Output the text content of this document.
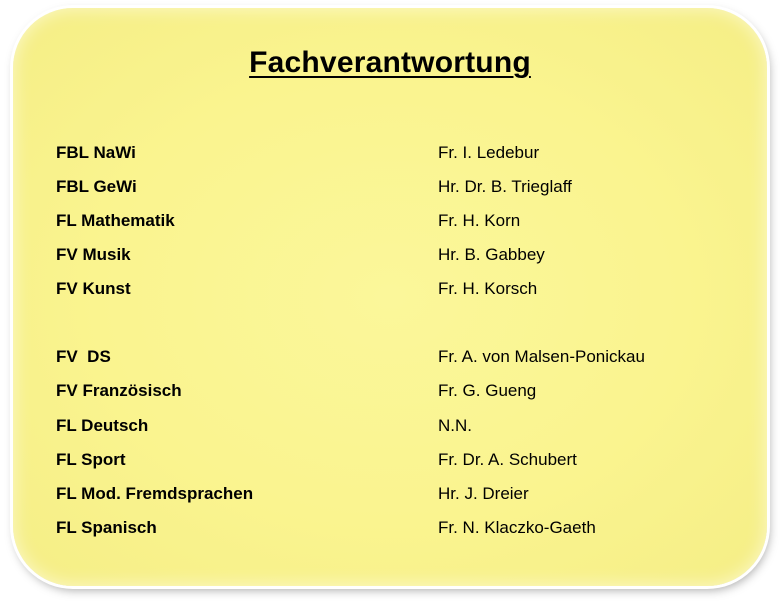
Fachverantwortung
FBL NaWi	Fr. I. Ledebur
FBL GeWi	Hr. Dr. B. Trieglaff
FL Mathematik	Fr. H. Korn
FV Musik	Hr. B. Gabbey
FV Kunst	Fr. H. Korsch
FV  DS	Fr. A. von Malsen-Ponickau
FV Französisch	Fr. G. Gueng
FL Deutsch	N.N.
FL Sport	Fr. Dr. A. Schubert
FL Mod. Fremdsprachen	Hr. J. Dreier
FL Spanisch	Fr. N. Klaczko-Gaeth
